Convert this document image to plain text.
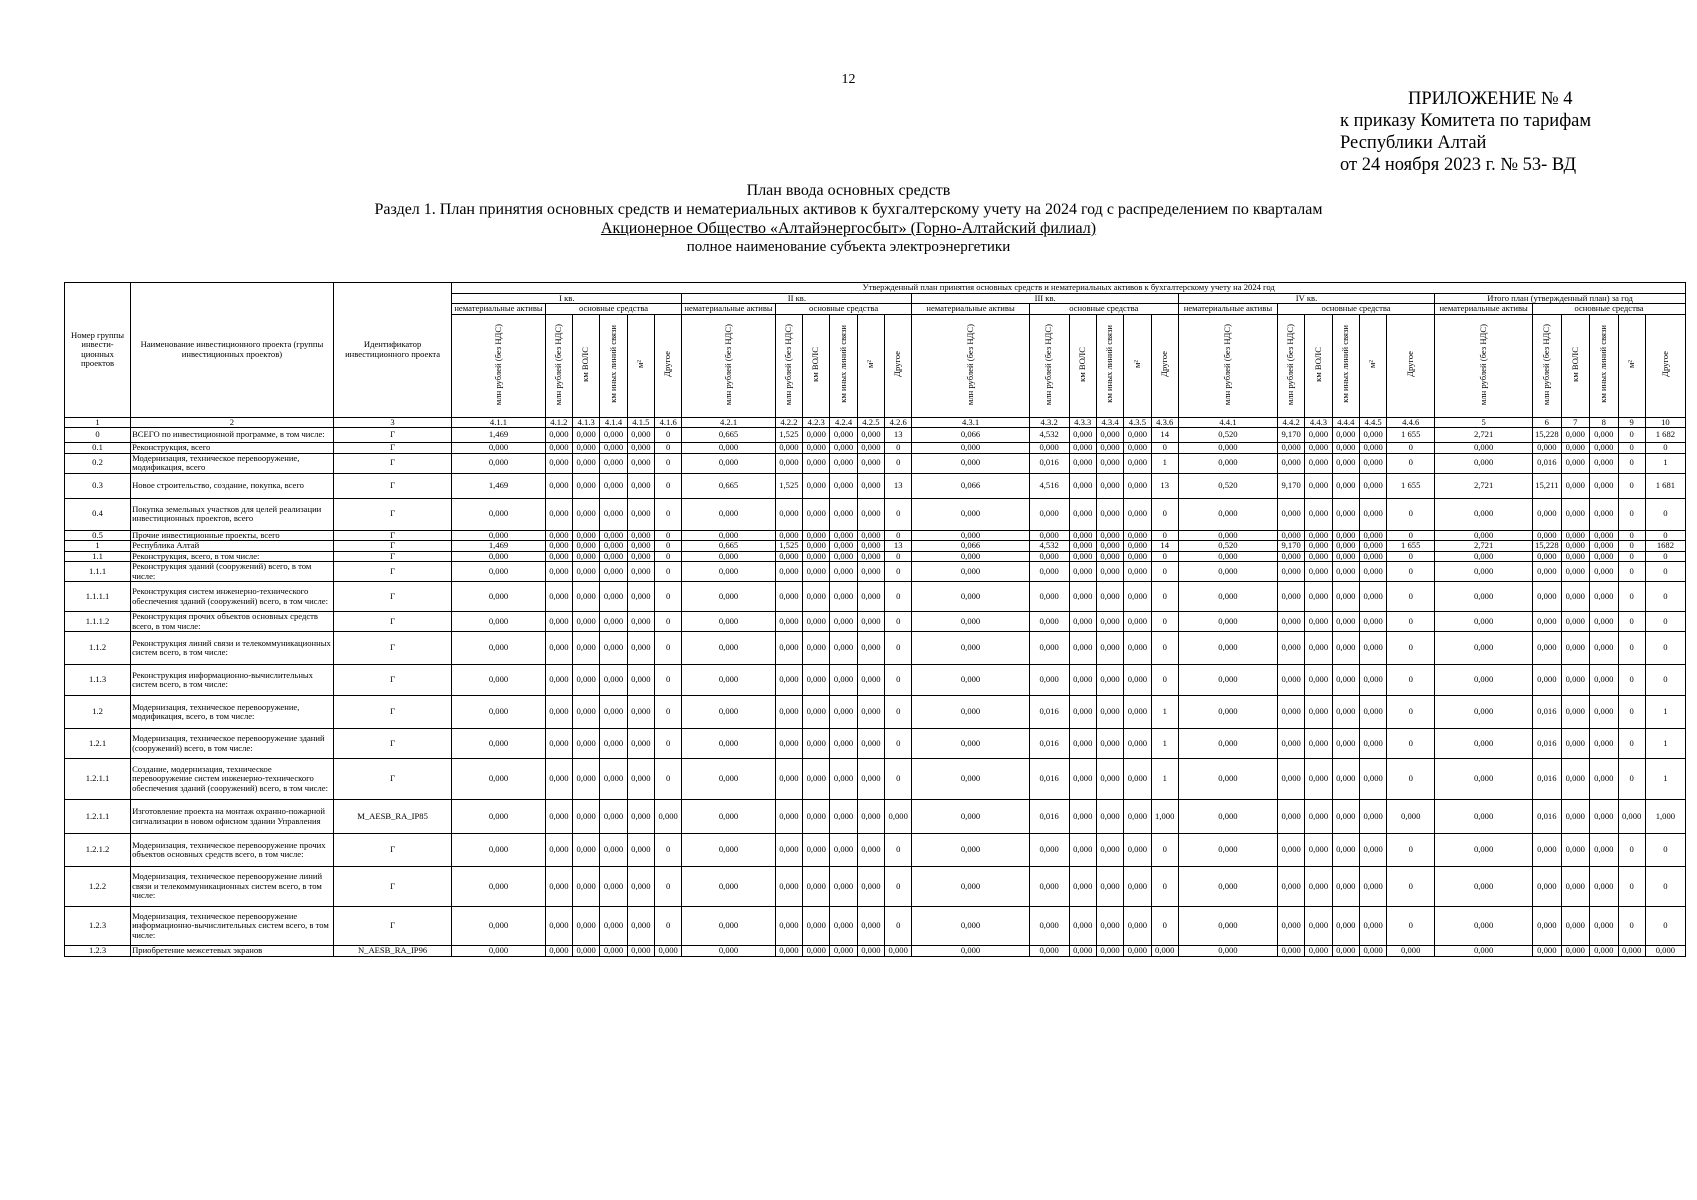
12
ПРИЛОЖЕНИЕ № 4
к приказу Комитета по тарифам
Республики Алтай
от 24 ноября 2023 г. № 53- ВД
План ввода основных средств
Раздел 1. План принятия основных средств и нематериальных активов к бухгалтерскому учету на 2024 год с распределением по кварталам
Акционерное Общество «Алтайэнергосбыт» (Горно-Алтайский филиал)
полное наименование субъекта электроэнергетики
Номер группы инвести- ционных проектов	Наименование инвестиционного проекта (группы инвестиционных проектов)	Идентификатор инвестиционного проекта	Утвержденный план принятия основных средств и нематериальных активов к бухгалтерскому учету на 2024 год																													
			I кв.						II кв.						III кв.						IV кв.						Итого план (утвержденный план) за год					
			нематериальные активы	основные средства					нематериальные активы	основные средства					нематериальные активы	основные средства					нематериальные активы	основные средства					нематериальные активы	основные средства				
			млн рублей (без НДС)	млн рублей (без НДС)	км ВОЛС	км иных линий связи	м²	Другое	млн рублей (без НДС)	млн рублей (без НДС)	км ВОЛС	км иных линий связи	м²	Другое	млн рублей (без НДС)	млн рублей (без НДС)	км ВОЛС	км иных линий связи	м²	Другое	млн рублей (без НДС)	млн рублей (без НДС)	км ВОЛС	км иных линий связи	м²	Другое	млн рублей (без НДС)	млн рублей (без НДС)	км ВОЛС	км иных линий связи	м²	Другое
1	2	3	4.1.1	4.1.2	4.1.3	4.1.4	4.1.5	4.1.6	4.2.1	4.2.2	4.2.3	4.2.4	4.2.5	4.2.6	4.3.1	4.3.2	4.3.3	4.3.4	4.3.5	4.3.6	4.4.1	4.4.2	4.4.3	4.4.4	4.4.5	4.4.6	5	6	7	8	9	10
0	ВСЕГО по инвестиционной программе, в том числе:	Г	1,469	0,000	0,000	0,000	0,000	0	0,665	1,525	0,000	0,000	0,000	13	0,066	4,532	0,000	0,000	0,000	14	0,520	9,170	0,000	0,000	0,000	1 655	2,721	15,228	0,000	0,000	0	1 682
0.1	Реконструкция, всего	Г	0,000	0,000	0,000	0,000	0,000	0	0,000	0,000	0,000	0,000	0,000	0	0,000	0,000	0,000	0,000	0,000	0	0,000	0,000	0,000	0,000	0,000	0	0,000	0,000	0,000	0,000	0	0
0.2	Модернизация, техническое перевооружение, модификация, всего	Г	0,000	0,000	0,000	0,000	0,000	0	0,000	0,000	0,000	0,000	0,000	0	0,000	0,016	0,000	0,000	0,000	1	0,000	0,000	0,000	0,000	0,000	0	0,000	0,016	0,000	0,000	0	1
0.3	Новое строительство, создание, покупка, всего	Г	1,469	0,000	0,000	0,000	0,000	0	0,665	1,525	0,000	0,000	0,000	13	0,066	4,516	0,000	0,000	0,000	13	0,520	9,170	0,000	0,000	0,000	1 655	2,721	15,211	0,000	0,000	0	1 681
0.4	Покупка земельных участков для целей реализации инвестиционных проектов, всего	Г	0,000	0,000	0,000	0,000	0,000	0	0,000	0,000	0,000	0,000	0,000	0	0,000	0,000	0,000	0,000	0,000	0	0,000	0,000	0,000	0,000	0,000	0	0,000	0,000	0,000	0,000	0	0
0.5	Прочие инвестиционные проекты, всего	Г	0,000	0,000	0,000	0,000	0,000	0	0,000	0,000	0,000	0,000	0,000	0	0,000	0,000	0,000	0,000	0,000	0	0,000	0,000	0,000	0,000	0,000	0	0,000	0,000	0,000	0,000	0	0
1	Республика Алтай	Г	1,469	0,000	0,000	0,000	0,000	0	0,665	1,525	0,000	0,000	0,000	13	0,066	4,532	0,000	0,000	0,000	14	0,520	9,170	0,000	0,000	0,000	1 655	2,721	15,228	0,000	0,000	0	1682
1.1	Реконструкция, всего, в том числе:	Г	0,000	0,000	0,000	0,000	0,000	0	0,000	0,000	0,000	0,000	0,000	0	0,000	0,000	0,000	0,000	0,000	0	0,000	0,000	0,000	0,000	0,000	0	0,000	0,000	0,000	0,000	0	0
1.1.1	Реконструкция зданий (сооружений) всего, в том числе:	Г	0,000	0,000	0,000	0,000	0,000	0	0,000	0,000	0,000	0,000	0,000	0	0,000	0,000	0,000	0,000	0,000	0	0,000	0,000	0,000	0,000	0,000	0	0,000	0,000	0,000	0,000	0	0
1.1.1.1	Реконструкция систем инженерно-технического обеспечения зданий (сооружений) всего, в том числе:	Г	0,000	0,000	0,000	0,000	0,000	0	0,000	0,000	0,000	0,000	0,000	0	0,000	0,000	0,000	0,000	0,000	0	0,000	0,000	0,000	0,000	0,000	0	0,000	0,000	0,000	0,000	0	0
1.1.1.2	Реконструкция прочих объектов основных средств всего, в том числе:	Г	0,000	0,000	0,000	0,000	0,000	0	0,000	0,000	0,000	0,000	0,000	0	0,000	0,000	0,000	0,000	0,000	0	0,000	0,000	0,000	0,000	0,000	0	0,000	0,000	0,000	0,000	0	0
1.1.2	Реконструкция линий связи и телекоммуникационных систем всего, в том числе:	Г	0,000	0,000	0,000	0,000	0,000	0	0,000	0,000	0,000	0,000	0,000	0	0,000	0,000	0,000	0,000	0,000	0	0,000	0,000	0,000	0,000	0,000	0	0,000	0,000	0,000	0,000	0	0
1.1.3	Реконструкция информационно-вычислительных систем всего, в том числе:	Г	0,000	0,000	0,000	0,000	0,000	0	0,000	0,000	0,000	0,000	0,000	0	0,000	0,000	0,000	0,000	0,000	0	0,000	0,000	0,000	0,000	0,000	0	0,000	0,000	0,000	0,000	0	0
1.2	Модернизация, техническое перевооружение, модификация, всего, в том числе:	Г	0,000	0,000	0,000	0,000	0,000	0	0,000	0,000	0,000	0,000	0,000	0	0,000	0,016	0,000	0,000	0,000	1	0,000	0,000	0,000	0,000	0,000	0	0,000	0,016	0,000	0,000	0	1
1.2.1	Модернизация, техническое перевооружение зданий (сооружений) всего, в том числе:	Г	0,000	0,000	0,000	0,000	0,000	0	0,000	0,000	0,000	0,000	0,000	0	0,000	0,016	0,000	0,000	0,000	1	0,000	0,000	0,000	0,000	0,000	0	0,000	0,016	0,000	0,000	0	1
1.2.1.1	Создание, модернизация, техническое перевооружение систем инженерно-технического обеспечения зданий (сооружений) всего, в том числе:	Г	0,000	0,000	0,000	0,000	0,000	0	0,000	0,000	0,000	0,000	0,000	0	0,000	0,016	0,000	0,000	0,000	1	0,000	0,000	0,000	0,000	0,000	0	0,000	0,016	0,000	0,000	0	1
1.2.1.1	Изготовление проекта на монтаж охранно-пожарной сигнализации в новом офисном здании Управления	M_AESB_RA_IP85	0,000	0,000	0,000	0,000	0,000	0,000	0,000	0,000	0,000	0,000	0,000	0,000	0,000	0,016	0,000	0,000	0,000	1,000	0,000	0,000	0,000	0,000	0,000	0,000	0,000	0,016	0,000	0,000	0,000	1,000
1.2.1.2	Модернизация, техническое перевооружение прочих объектов основных средств всего, в том числе:	Г	0,000	0,000	0,000	0,000	0,000	0	0,000	0,000	0,000	0,000	0,000	0	0,000	0,000	0,000	0,000	0,000	0	0,000	0,000	0,000	0,000	0,000	0	0,000	0,000	0,000	0,000	0	0
1.2.2	Модернизация, техническое перевооружение линий связи и телекоммуникационных систем всего, в том числе:	Г	0,000	0,000	0,000	0,000	0,000	0	0,000	0,000	0,000	0,000	0,000	0	0,000	0,000	0,000	0,000	0,000	0	0,000	0,000	0,000	0,000	0,000	0	0,000	0,000	0,000	0,000	0	0
1.2.3	Модернизация, техническое перевооружение информационно-вычислительных систем всего, в том числе:	Г	0,000	0,000	0,000	0,000	0,000	0	0,000	0,000	0,000	0,000	0,000	0	0,000	0,000	0,000	0,000	0,000	0	0,000	0,000	0,000	0,000	0,000	0	0,000	0,000	0,000	0,000	0	0
1.2.3	Приобретение межсетевых экранов	N_AESB_RA_IP96	0,000	0,000	0,000	0,000	0,000	0,000	0,000	0,000	0,000	0,000	0,000	0,000	0,000	0,000	0,000	0,000	0,000	0,000	0,000	0,000	0,000	0,000	0,000	0,000	0,000	0,000	0,000	0,000	0,000	0,000
